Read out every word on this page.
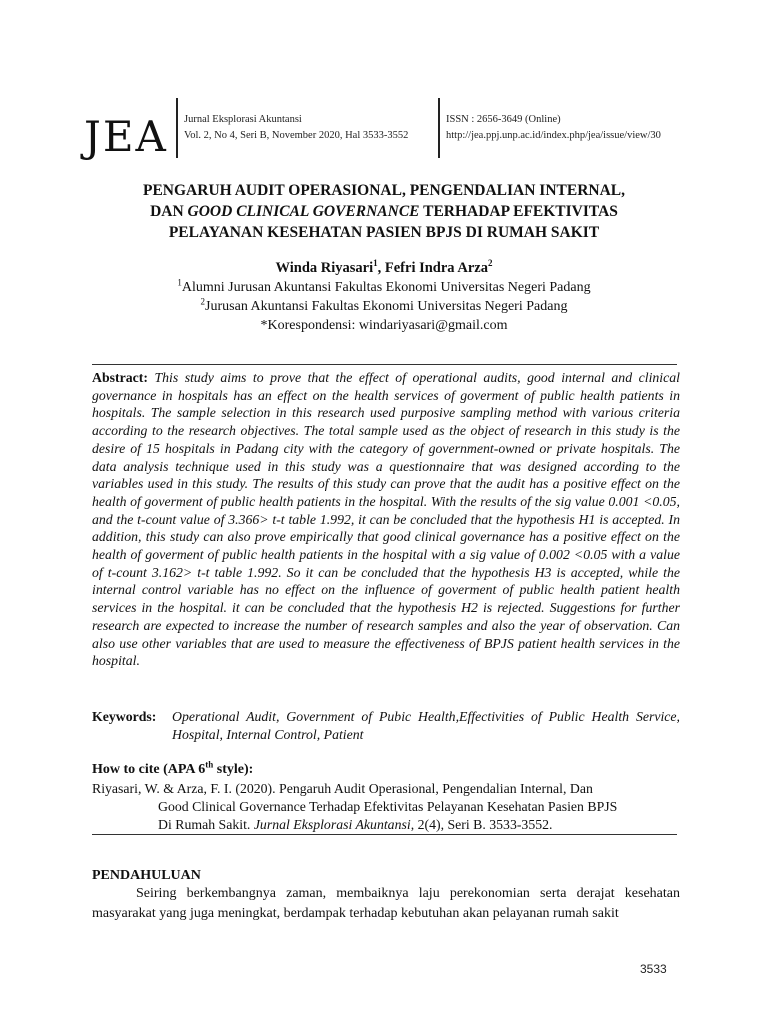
JEA Jurnal Eksplorasi Akuntansi
Vol. 2, No 4, Seri B, November 2020, Hal 3533-3552
ISSN : 2656-3649 (Online)
http://jea.ppj.unp.ac.id/index.php/jea/issue/view/30
PENGARUH AUDIT OPERASIONAL, PENGENDALIAN INTERNAL,
DAN GOOD CLINICAL GOVERNANCE TERHADAP EFEKTIVITAS
PELAYANAN KESEHATAN PASIEN BPJS DI RUMAH SAKIT
Winda Riyasari$^1$, Fefri Indra Arza$^2$
$^1$Alumni Jurusan Akuntansi Fakultas Ekonomi Universitas Negeri Padang
$^2$Jurusan Akuntansi Fakultas Ekonomi Universitas Negeri Padang
*Korespondensi: windariyasari@gmail.com
Abstract: This study aims to prove that the effect of operational audits, good internal and clinical governance in hospitals has an effect on the health services of goverment of public health patients in hospitals. The sample selection in this research used purposive sampling method with various criteria according to the research objectives. The total sample used as the object of research in this study is the desire of 15 hospitals in Padang city with the category of government-owned or private hospitals. The data analysis technique used in this study was a questionnaire that was designed according to the variables used in this study. The results of this study can prove that the audit has a positive effect on the health of goverment of public health patients in the hospital. With the results of the sig value 0.001 <0.05, and the t-count value of 3.366> t-t table 1.992, it can be concluded that the hypothesis H1 is accepted. In addition, this study can also prove empirically that good clinical governance has a positive effect on the health of goverment of public health patients in the hospital with a sig value of 0.002 <0.05 with a value of t-count 3.162> t-t table 1.992. So it can be concluded that the hypothesis H3 is accepted, while the internal control variable has no effect on the influence of goverment of public health patient health services in the hospital. it can be concluded that the hypothesis H2 is rejected. Suggestions for further research are expected to increase the number of research samples and also the year of observation. Can also use other variables that are used to measure the effectiveness of BPJS patient health services in the hospital.
Keywords:	Operational Audit, Government of Pubic Health,Effectivities of Public Health Service, Hospital, Internal Control, Patient
How to cite (APA 6th style):
Riyasari, W. & Arza, F. I. (2020). Pengaruh Audit Operasional, Pengendalian Internal, Dan
Good Clinical Governance Terhadap Efektivitas Pelayanan Kesehatan Pasien BPJS
Di Rumah Sakit. Jurnal Eksplorasi Akuntansi, 2(4), Seri B. 3533-3552.
PENDAHULUAN
Seiring berkembangnya zaman, membaiknya laju perekonomian serta derajat kesehatan masyarakat yang juga meningkat, berdampak terhadap kebutuhan akan pelayanan rumah sakit
3533
